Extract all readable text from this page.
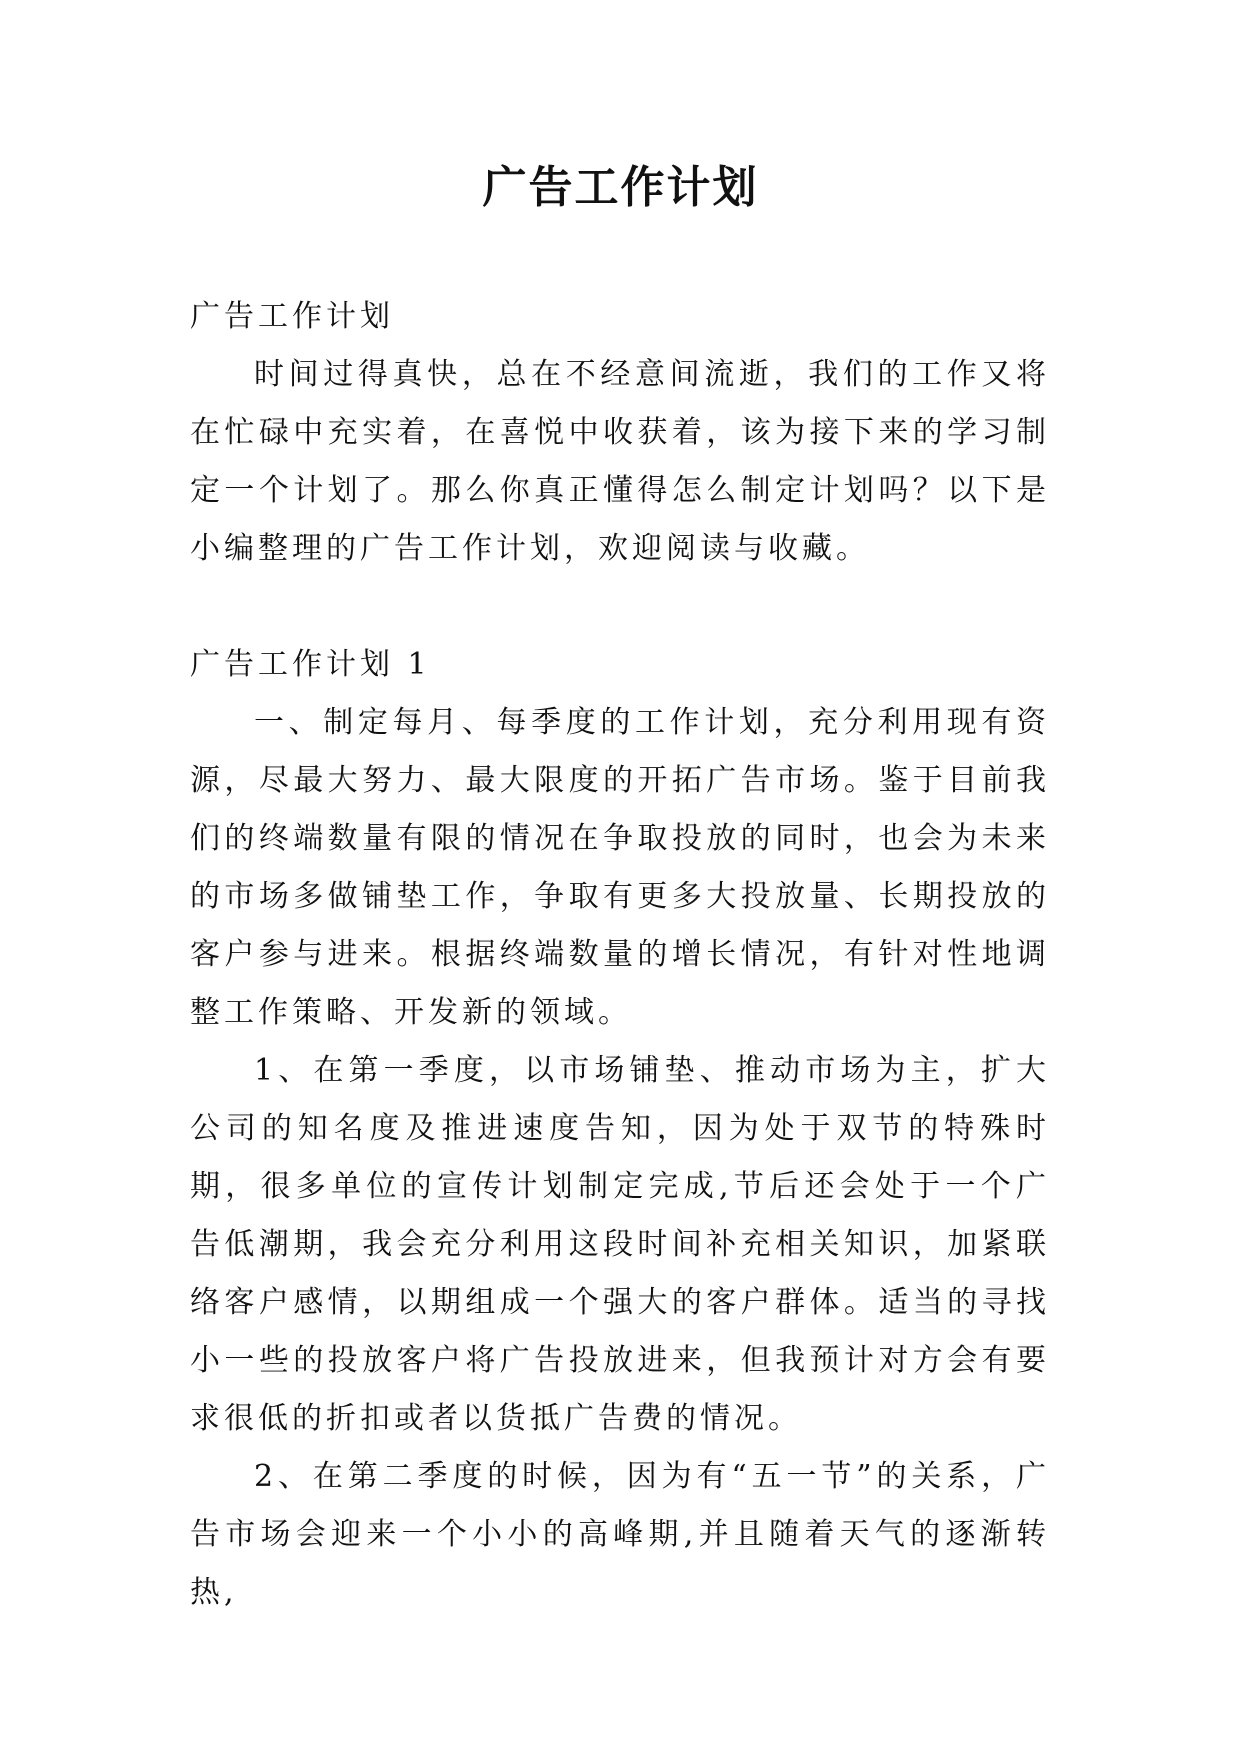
广告工作计划

广告工作计划

时间过得真快，总在不经意间流逝，我们的工作又将在忙碌中充实着，在喜悦中收获着，该为接下来的学习制定一个计划了。那么你真正懂得怎么制定计划吗？以下是小编整理的广告工作计划，欢迎阅读与收藏。

广告工作计划 1

一、制定每月、每季度的工作计划，充分利用现有资源，尽最大努力、最大限度的开拓广告市场。鉴于目前我们的终端数量有限的情况在争取投放的同时，也会为未来的市场多做铺垫工作，争取有更多大投放量、长期投放的客户参与进来。根据终端数量的增长情况，有针对性地调整工作策略、开发新的领域。

1、在第一季度，以市场铺垫、推动市场为主，扩大公司的知名度及推进速度告知，因为处于双节的特殊时期，很多单位的宣传计划制定完成,节后还会处于一个广告低潮期，我会充分利用这段时间补充相关知识，加紧联络客户感情，以期组成一个强大的客户群体。适当的寻找小一些的投放客户将广告投放进来，但我预计对方会有要求很低的折扣或者以货抵广告费的情况。

2、在第二季度的时候，因为有“五一节”的关系，广告市场会迎来一个小小的高峰期,并且随着天气的逐渐转热,
